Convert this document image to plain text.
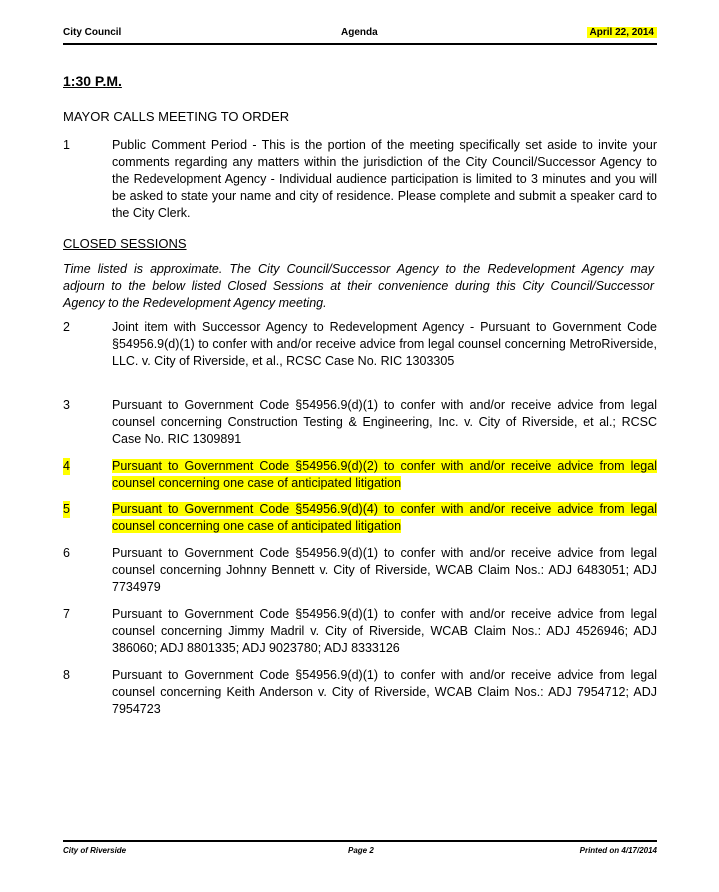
City Council	Agenda	April 22, 2014
1:30 P.M.
MAYOR CALLS MEETING TO ORDER
1	Public Comment Period - This is the portion of the meeting specifically set aside to invite your comments regarding any matters within the jurisdiction of the City Council/Successor Agency to the Redevelopment Agency - Individual audience participation is limited to 3 minutes and you will be asked to state your name and city of residence. Please complete and submit a speaker card to the City Clerk.
CLOSED SESSIONS
Time listed is approximate. The City Council/Successor Agency to the Redevelopment Agency may adjourn to the below listed Closed Sessions at their convenience during this City Council/Successor Agency to the Redevelopment Agency meeting.
2	Joint item with Successor Agency to Redevelopment Agency - Pursuant to Government Code §54956.9(d)(1) to confer with and/or receive advice from legal counsel concerning MetroRiverside, LLC. v. City of Riverside, et al., RCSC Case No. RIC 1303305
3	Pursuant to Government Code §54956.9(d)(1) to confer with and/or receive advice from legal counsel concerning Construction Testing & Engineering, Inc. v. City of Riverside, et al.; RCSC Case No. RIC 1309891
4	Pursuant to Government Code §54956.9(d)(2) to confer with and/or receive advice from legal counsel concerning one case of anticipated litigation
5	Pursuant to Government Code §54956.9(d)(4) to confer with and/or receive advice from legal counsel concerning one case of anticipated litigation
6	Pursuant to Government Code §54956.9(d)(1) to confer with and/or receive advice from legal counsel concerning Johnny Bennett v. City of Riverside, WCAB Claim Nos.: ADJ 6483051; ADJ 7734979
7	Pursuant to Government Code §54956.9(d)(1) to confer with and/or receive advice from legal counsel concerning Jimmy Madril v. City of Riverside, WCAB Claim Nos.: ADJ 4526946; ADJ 386060; ADJ 8801335; ADJ 9023780; ADJ 8333126
8	Pursuant to Government Code §54956.9(d)(1) to confer with and/or receive advice from legal counsel concerning Keith Anderson v. City of Riverside, WCAB Claim Nos.: ADJ 7954712; ADJ 7954723
City of Riverside	Page 2	Printed on 4/17/2014
